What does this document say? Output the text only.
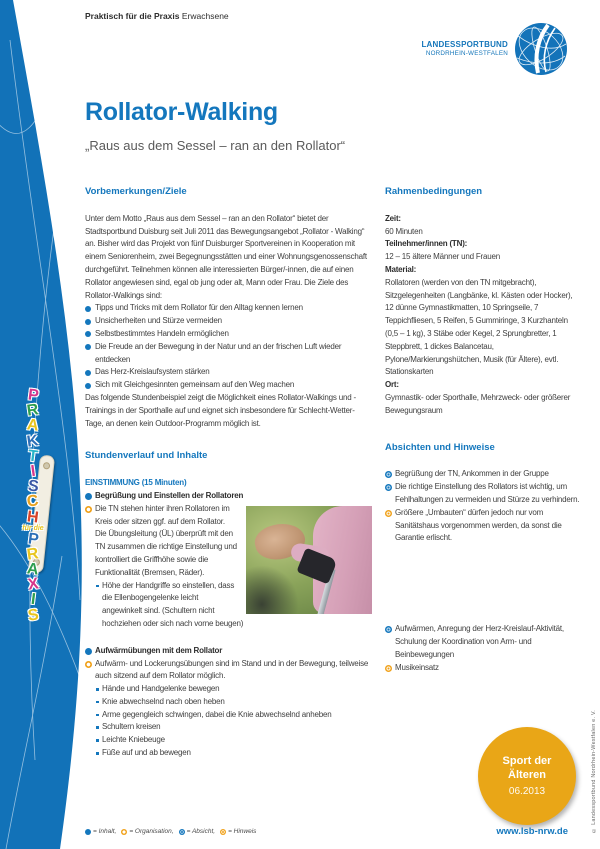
P
R
A
K
T
I
S
C
H
für die
P
R
A
X
I
S
© Landessportbund Nordrhein-Westfalen e. V.
Praktisch für die Praxis Erwachsene
LANDESSPORTBUND
NORDRHEIN-WESTFALEN
Rollator-Walking
„Raus aus dem Sessel – ran an den Rollator“
Vorbemerkungen/Ziele

Unter dem Motto „Raus aus dem Sessel – ran an den Rollator“ bietet der Stadtsportbund Duisburg seit Juli 2011 das Bewegungsangebot „Rollator - Walking“ an. Bisher wird das Projekt von fünf Duisburger Sportvereinen in Kooperation mit einem Seniorenheim, zwei Begegnungsstätten und einer Wohnungsgenossenschaft durchgeführt. Teilnehmen können alle interessierten Bürger/-innen, die auf einen Rollator angewiesen sind, egal ob jung oder alt, Mann oder Frau. Die Ziele des Rollator-Walkings sind:

Tipps und Tricks mit dem Rollator für den Alltag kennen lernen
Unsicherheiten und Stürze vermeiden
Selbstbestimmtes Handeln ermöglichen
Die Freude an der Bewegung in der Natur und an der frischen Luft wieder entdecken
Das Herz-Kreislaufsystem stärken
Sich mit Gleichgesinnten gemeinsam auf den Weg machen

Das folgende Stundenbeispiel zeigt die Möglichkeit eines Rollator-Walkings und -Trainings in der Sporthalle auf und eignet sich insbesondere für Schlecht-Wetter-Tage, an denen kein Outdoor-Programm möglich ist.

Stundenverlauf und Inhalte
EINSTIMMUNG (15 Minuten)
Begrüßung und Einstellen der Rollatoren
Die TN stehen hinter ihren Rollatoren im Kreis oder sitzen ggf. auf dem Rollator.
Die Übungsleitung (ÜL) überprüft mit den TN zusammen die richtige Einstellung und kontrolliert die Griffhöhe sowie die Funktionalität (Bremsen, Räder).
Höhe der Handgriffe so einstellen, dass die Ellenbogengelenke leicht angewinkelt sind. (Schultern nicht hochziehen oder sich nach vorne beugen)
Aufwärmübungen mit dem Rollator
Aufwärm- und Lockerungsübungen sind im Stand und in der Bewegung, teilweise auch sitzend auf dem Rollator möglich.
Hände und Handgelenke bewegen
Knie abwechselnd nach oben heben
Arme gegengleich schwingen, dabei die Knie abwechselnd anheben
Schultern kreisen
Leichte Kniebeuge
Füße auf und ab bewegen
Rahmenbedingungen
Zeit:
60 Minuten
Teilnehmer/innen (TN):
12 – 15 ältere Männer und Frauen
Material:
Rollatoren (werden von den TN mitgebracht), Sitzgelegenheiten (Langbänke, kl. Kästen oder Hocker), 12 dünne Gymnastikmatten, 10 Springseile, 7 Teppichfliesen, 5 Reifen, 5 Gummiringe, 3 Kurzhanteln (0,5 – 1 kg), 3 Stäbe oder Kegel, 2 Sprungbretter, 1 Steppbrett, 1 dickes Balancetau, Pylone/Markierungshütchen, Musik (für Ältere), evtl. Stationskarten
Ort:
Gymnastik- oder Sporthalle, Mehrzweck- oder größerer Bewegungsraum
Absichten und Hinweise
Begrüßung der TN, Ankommen in der Gruppe
Die richtige Einstellung des Rollators ist wichtig, um Fehlhaltungen zu vermeiden und Stürze zu verhindern.
Größere „Umbauten“ dürfen jedoch nur vom Sanitätshaus vorgenommen werden, da sonst die Garantie erlischt.
Aufwärmen, Anregung der Herz-Kreislauf-Aktivität, Schulung der Koordination von Arm- und Beinbewegungen
Musikeinsatz
Sport der
Älteren
06.2013
= Inhalt, = Organisation, = Absicht, = Hinweis	www.lsb-nrw.de
